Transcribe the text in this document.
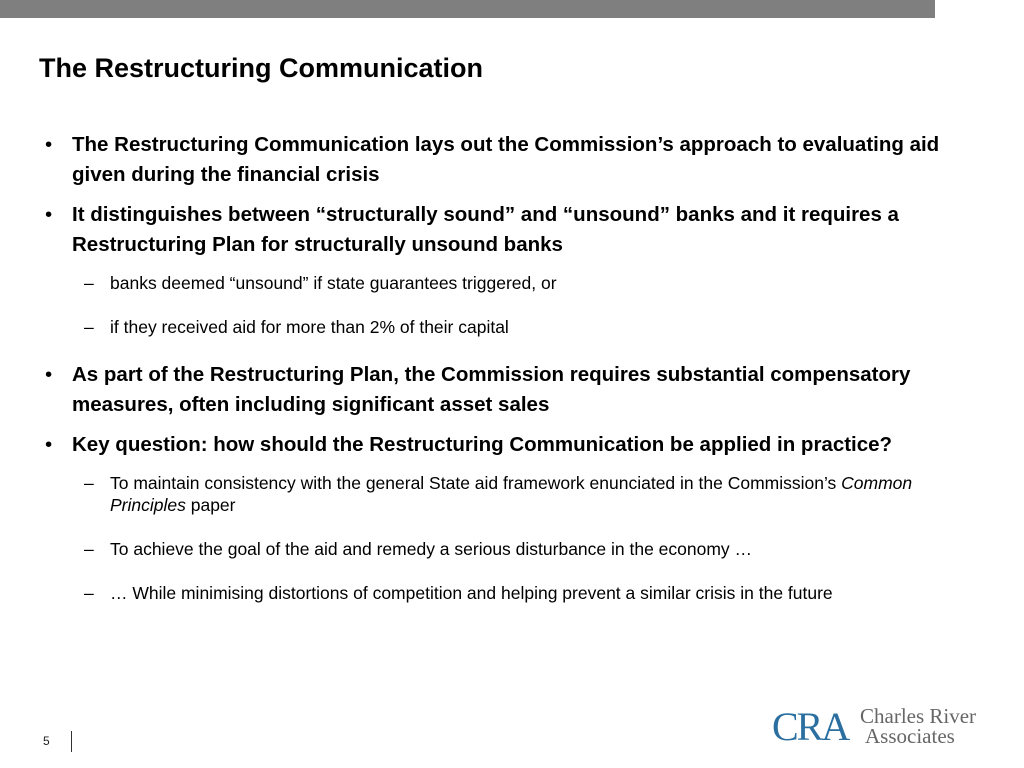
The Restructuring Communication
• The Restructuring Communication lays out the Commission’s approach to evaluating aid given during the financial crisis
• It distinguishes between “structurally sound” and “unsound” banks and it requires a Restructuring Plan for structurally unsound banks
– banks deemed “unsound” if state guarantees triggered, or
– if they received aid for more than 2% of their capital
• As part of the Restructuring Plan, the Commission requires substantial compensatory measures, often including significant asset sales
• Key question: how should the Restructuring Communication be applied in practice?
– To maintain consistency with the general State aid framework enunciated in the Commission’s Common Principles paper
– To achieve the goal of the aid and remedy a serious disturbance in the economy …
– … While minimising distortions of competition and helping prevent a similar crisis in the future
5	CRA Charles River
Associates
